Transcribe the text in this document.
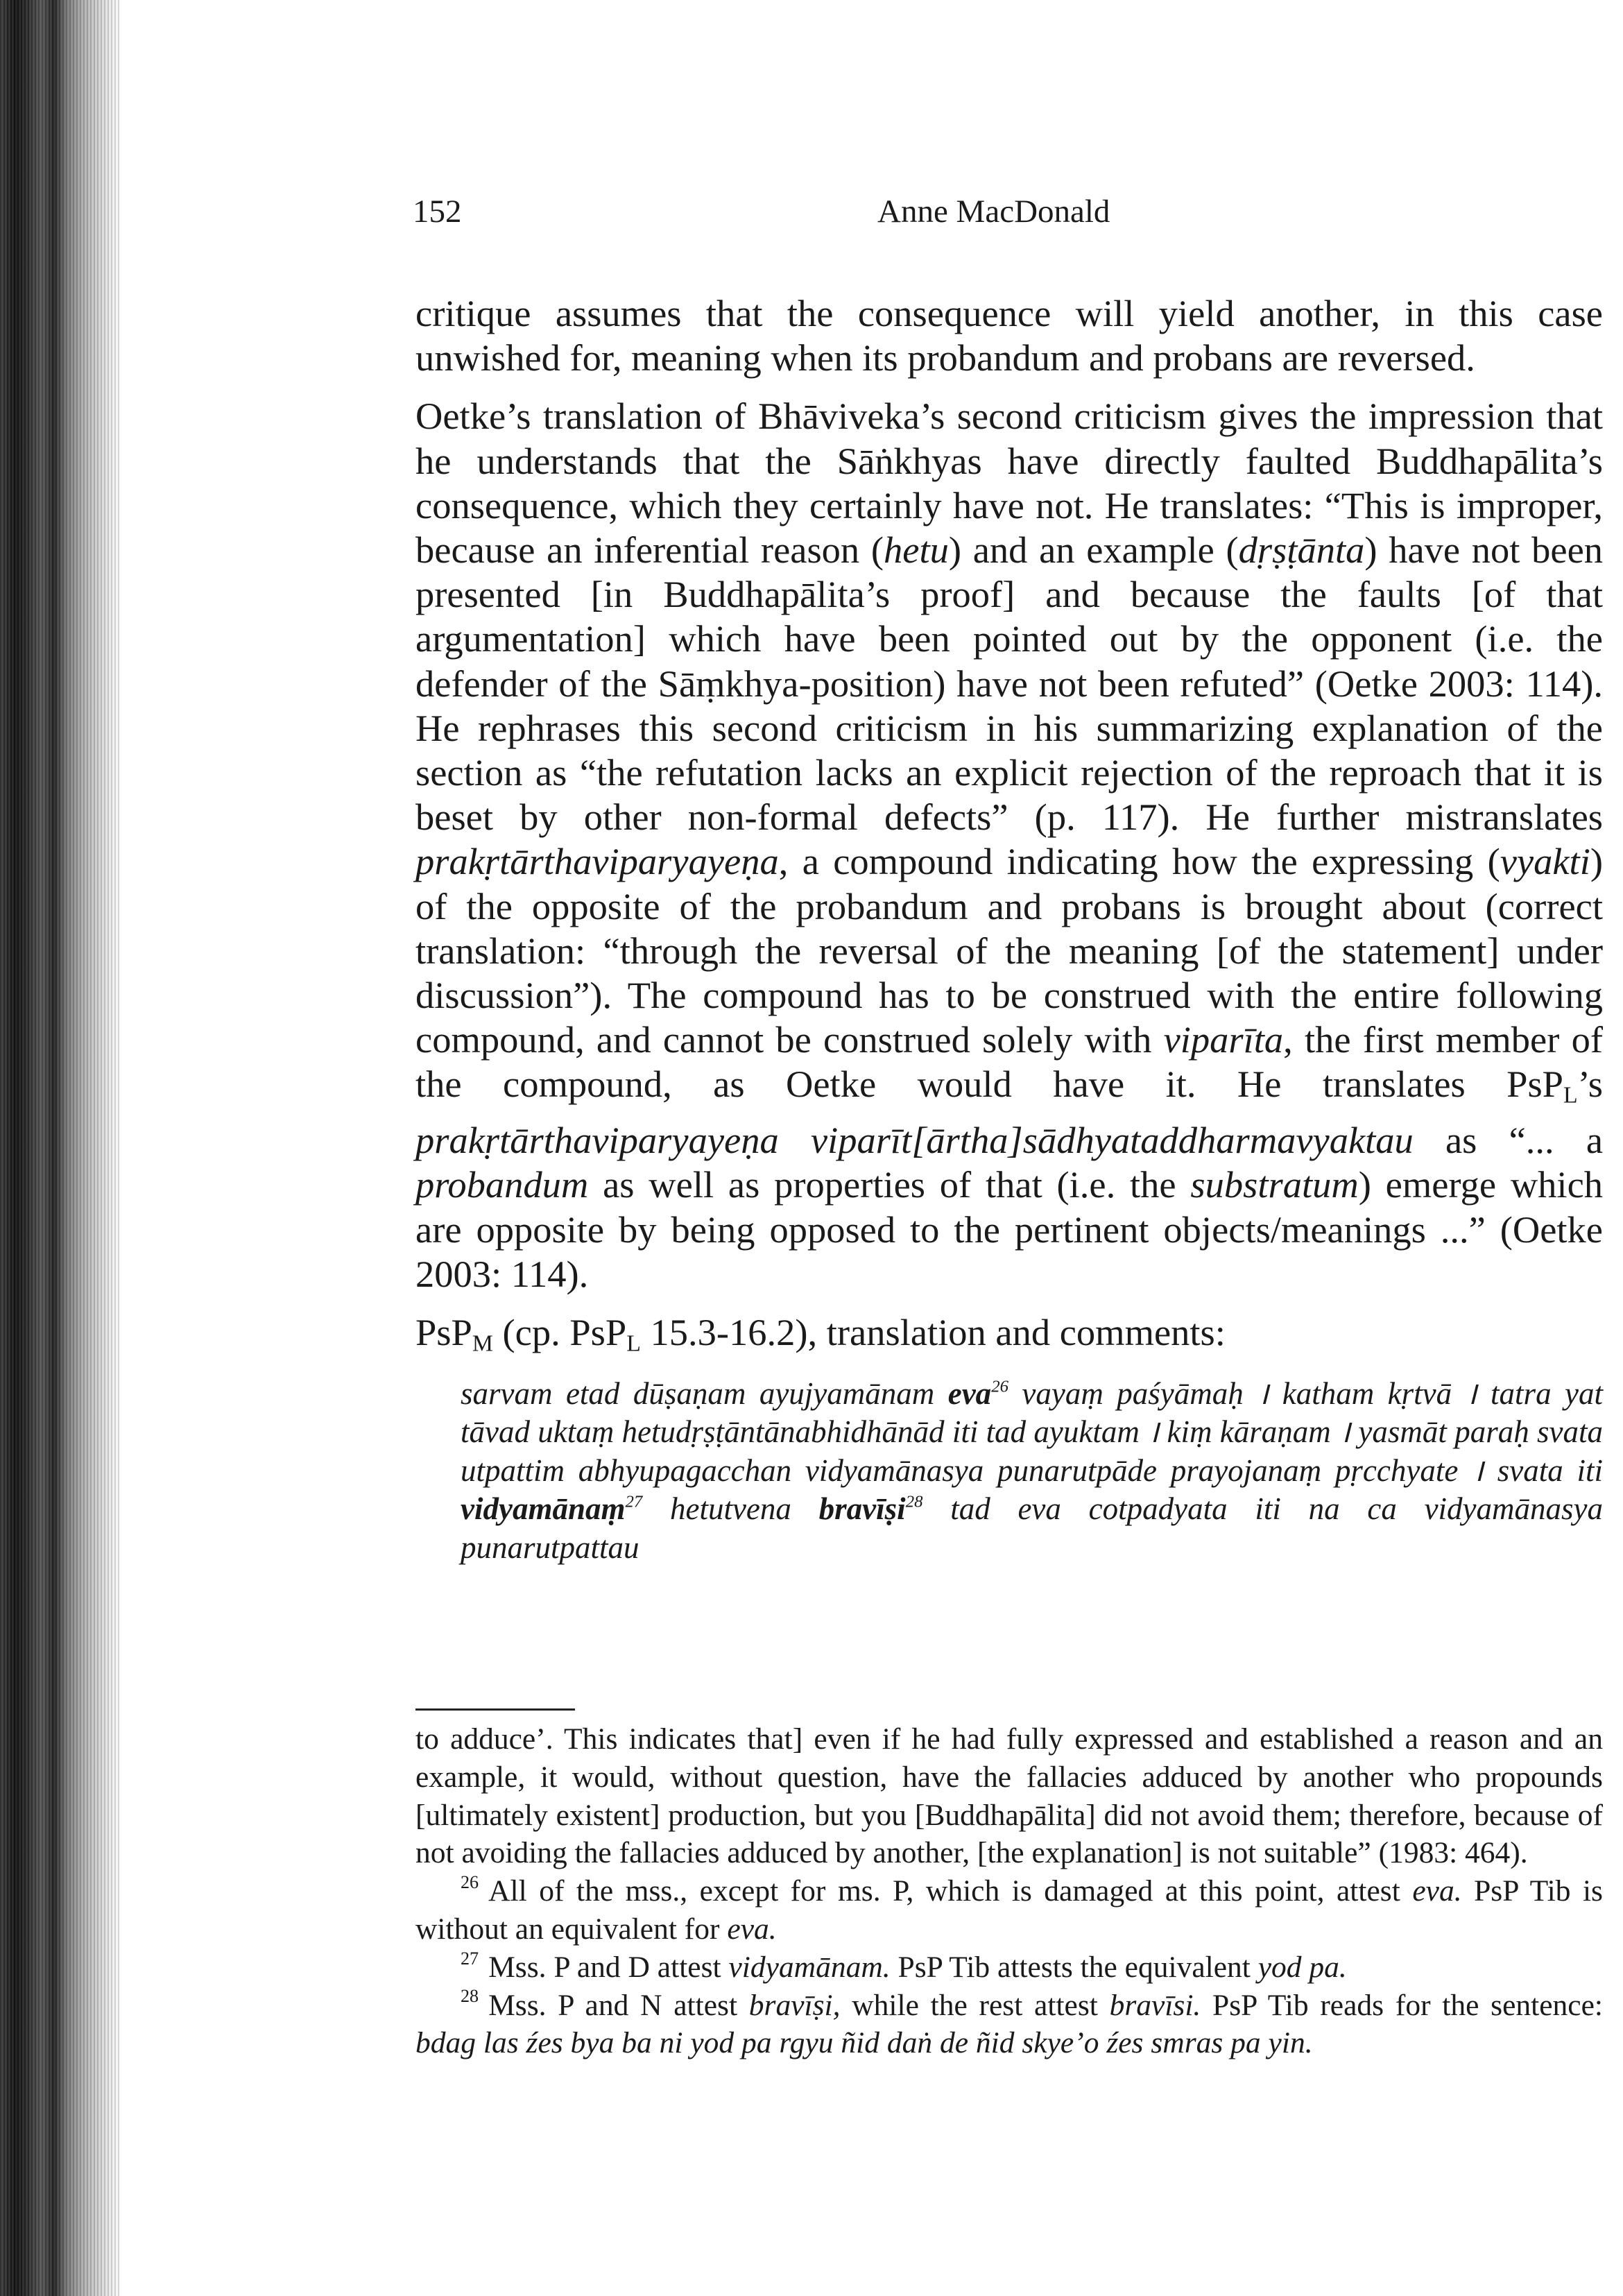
152	Anne MacDonald

critique assumes that the consequence will yield another, in this case unwished for, meaning when its probandum and probans are reversed.

Oetke’s translation of Bhāviveka’s second criticism gives the impression that he understands that the Sāṅkhyas have directly faulted Buddhapālita’s consequence, which they certainly have not. He translates: “This is improper, because an inferential reason (hetu) and an example (dṛṣṭānta) have not been presented [in Buddhapālita’s proof] and because the faults [of that argumentation] which have been pointed out by the opponent (i.e. the defender of the Sāṃkhya-position) have not been refuted” (Oetke 2003: 114). He rephrases this second criticism in his summarizing explanation of the section as “the refutation lacks an explicit rejection of the reproach that it is beset by other non-formal defects” (p. 117). He further mistranslates prakṛtārthaviparyayeṇa, a compound indicating how the expressing (vyakti) of the opposite of the probandum and probans is brought about (correct translation: “through the reversal of the meaning [of the statement] under discussion”). The compound has to be construed with the entire following compound, and cannot be construed solely with viparīta, the first member of the compound, as Oetke would have it. He translates PsP$_L$’s prakṛtārthaviparyayeṇa viparīt[ārtha]sādhyataddharmavyaktau as “... a probandum as well as properties of that (i.e. the substratum) emerge which are opposite by being opposed to the pertinent objects/meanings ...” (Oetke 2003: 114).

PsP$_M$ (cp. PsP$_L$ 15.3-16.2), translation and comments:

sarvam etad dūṣaṇam ayujyamānam eva$^{26}$ vayaṃ paśyāmaḥ । katham kṛtvā । tatra yat tāvad uktaṃ hetudṛṣṭāntānabhidhānād iti tad ayuktam । kiṃ kāraṇam । yasmāt paraḥ svata utpattim abhyupagacchan vidyamānasya punarutpāde prayojanaṃ pṛcchyate । svata iti vidyamānaṃ$^{27}$ hetutvena bravīṣi$^{28}$ tad eva cotpadyata iti na ca vidyamānasya punarutpattau

to adduce’. This indicates that] even if he had fully expressed and established a reason and an example, it would, without question, have the fallacies adduced by another who propounds [ultimately existent] production, but you [Buddhapālita] did not avoid them; therefore, because of not avoiding the fallacies adduced by another, [the explanation] is not suitable” (1983: 464).

$^{26}$ All of the mss., except for ms. P, which is damaged at this point, attest eva. PsP Tib is without an equivalent for eva.

$^{27}$ Mss. P and D attest vidyamānam. PsP Tib attests the equivalent yod pa.

$^{28}$ Mss. P and N attest bravīṣi, while the rest attest bravīsi. PsP Tib reads for the sentence: bdag las źes bya ba ni yod pa rgyu ñid daṅ de ñid skye’o źes smras pa yin.
